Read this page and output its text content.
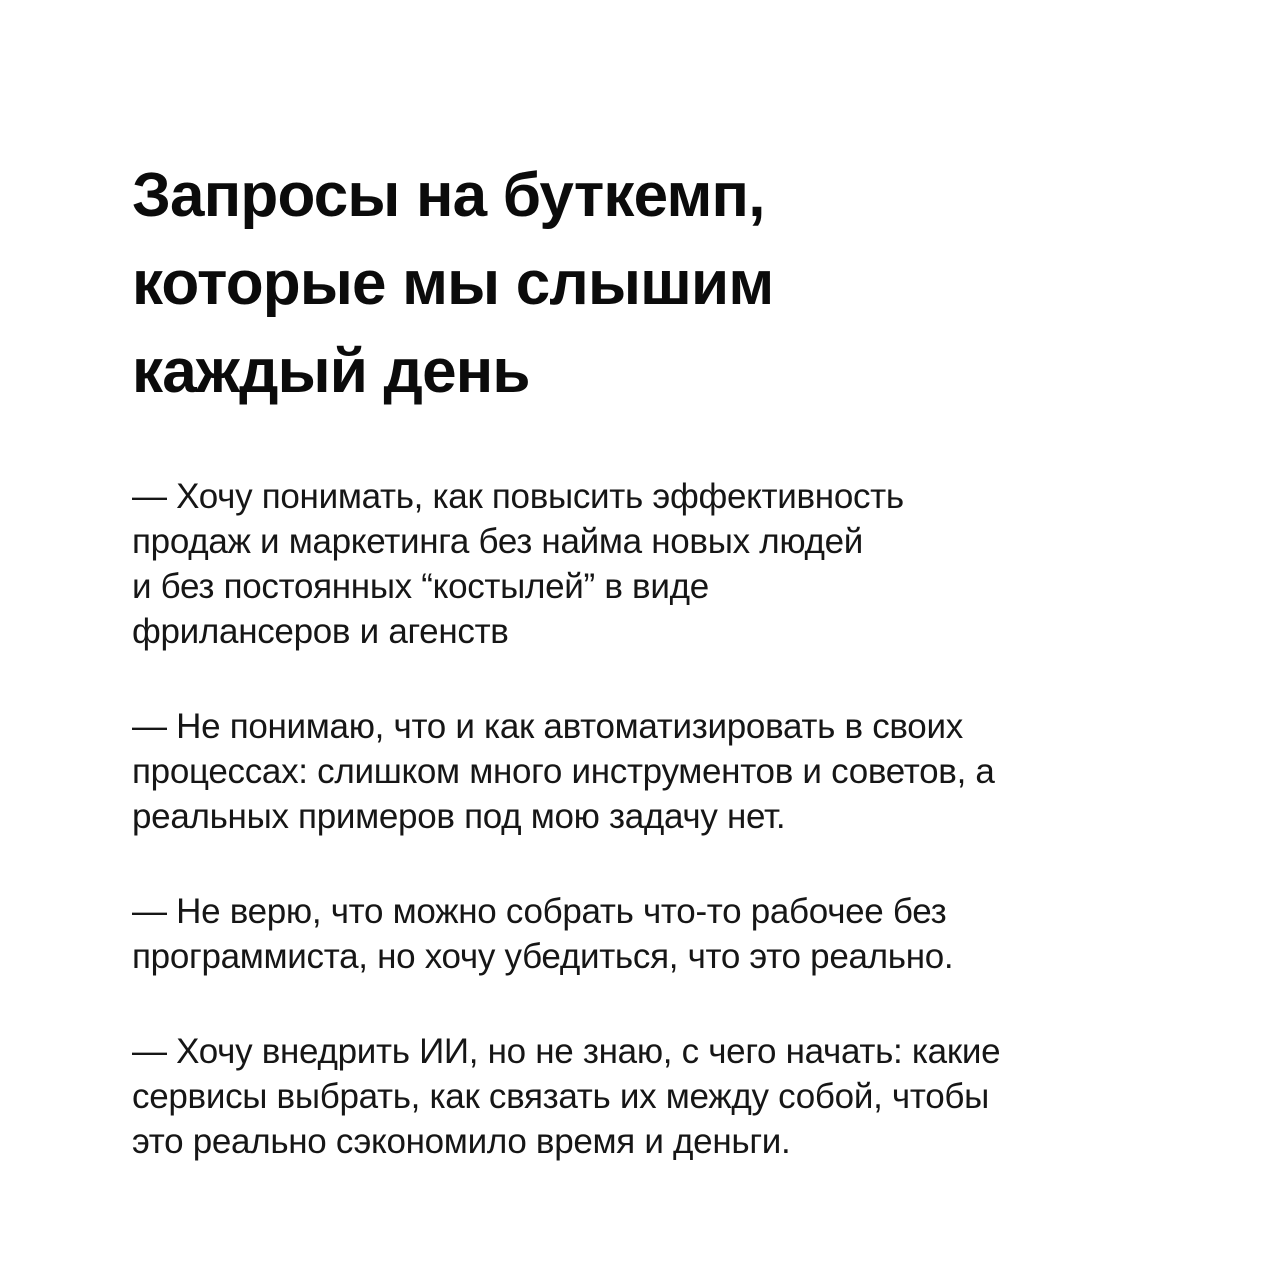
Запросы на буткемп,
которые мы слышим
каждый день

— Хочу понимать, как повысить эффективность
продаж и маркетинга без найма новых людей
и без постоянных “костылей” в виде
фрилансеров и агенств

— Не понимаю, что и как автоматизировать в своих
процессах: слишком много инструментов и советов, а
реальных примеров под мою задачу нет.

— Не верю, что можно собрать что-то рабочее без
программиста, но хочу убедиться, что это реально.

— Хочу внедрить ИИ, но не знаю, с чего начать: какие
сервисы выбрать, как связать их между собой, чтобы
это реально сэкономило время и деньги.
